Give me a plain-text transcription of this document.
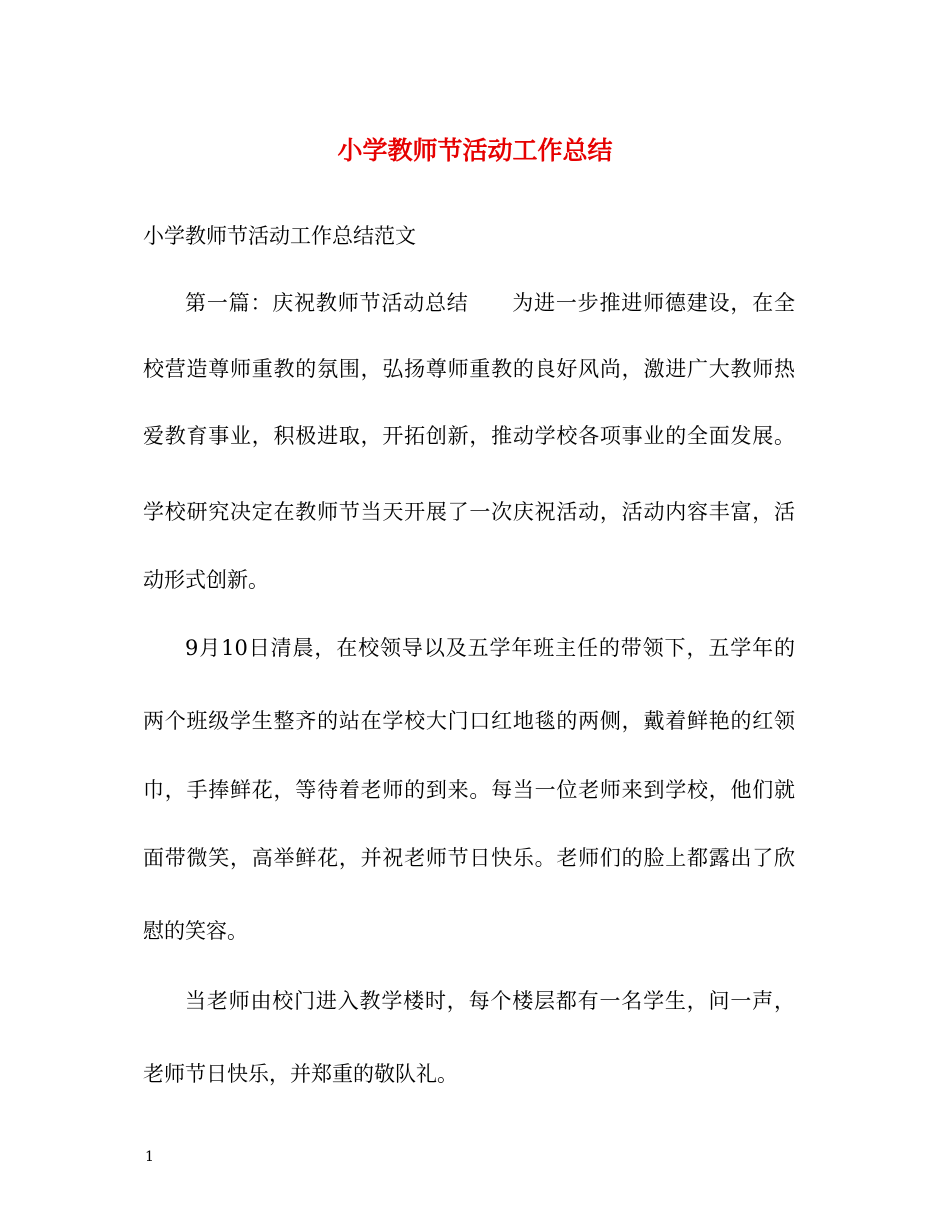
小学教师节活动工作总结
小学教师节活动工作总结范文
第一篇：庆祝教师节活动总结　　为进一步推进师德建设，在全
校营造尊师重教的氛围，弘扬尊师重教的良好风尚，激进广大教师热
爱教育事业，积极进取，开拓创新，推动学校各项事业的全面发展。
学校研究决定在教师节当天开展了一次庆祝活动，活动内容丰富，活
动形式创新。
9月10日清晨，在校领导以及五学年班主任的带领下，五学年的
两个班级学生整齐的站在学校大门口红地毯的两侧，戴着鲜艳的红领
巾，手捧鲜花，等待着老师的到来。每当一位老师来到学校，他们就
面带微笑，高举鲜花，并祝老师节日快乐。老师们的脸上都露出了欣
慰的笑容。
当老师由校门进入教学楼时，每个楼层都有一名学生，问一声，
老师节日快乐，并郑重的敬队礼。
1
